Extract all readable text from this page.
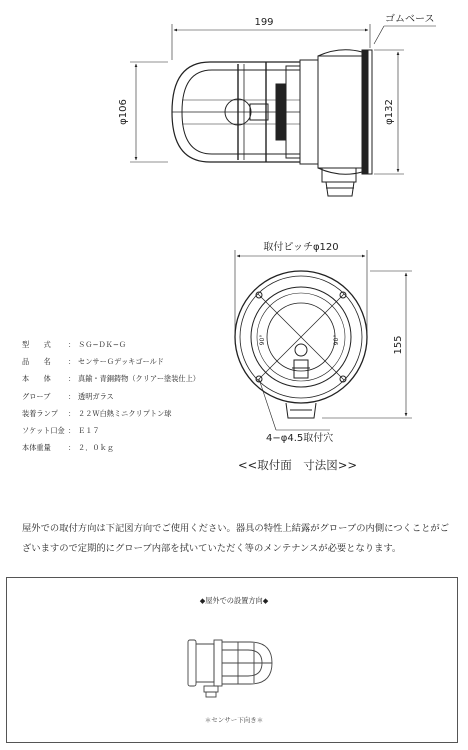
199
φ106	φ132
ゴムベース
取付ピッチφ120
155
90°	90°
4−φ4.5取付穴
型　　式	： ＳＧ−ＤＫ−Ｇ
品　　名	： センサーＧデッキゴールド
本　　体	： 真鍮・青銅鋳物（クリアー塗装仕上）
グローブ	： 透明ガラス
装着ランプ	： ２２Ｗ白熱ミニクリプトン球
ソケット口金 ： Ｅ１７
本体重量	： ２．０ｋｇ
<<取付面　寸法図>>
屋外での取付方向は下記図方向でご使用ください。器具の特性上結露がグローブの内側につくことがございますので定期的にグローブ内部を拭いていただく等のメンテナンスが必要となります。
◆屋外での設置方向◆
＊センサー下向き＊
